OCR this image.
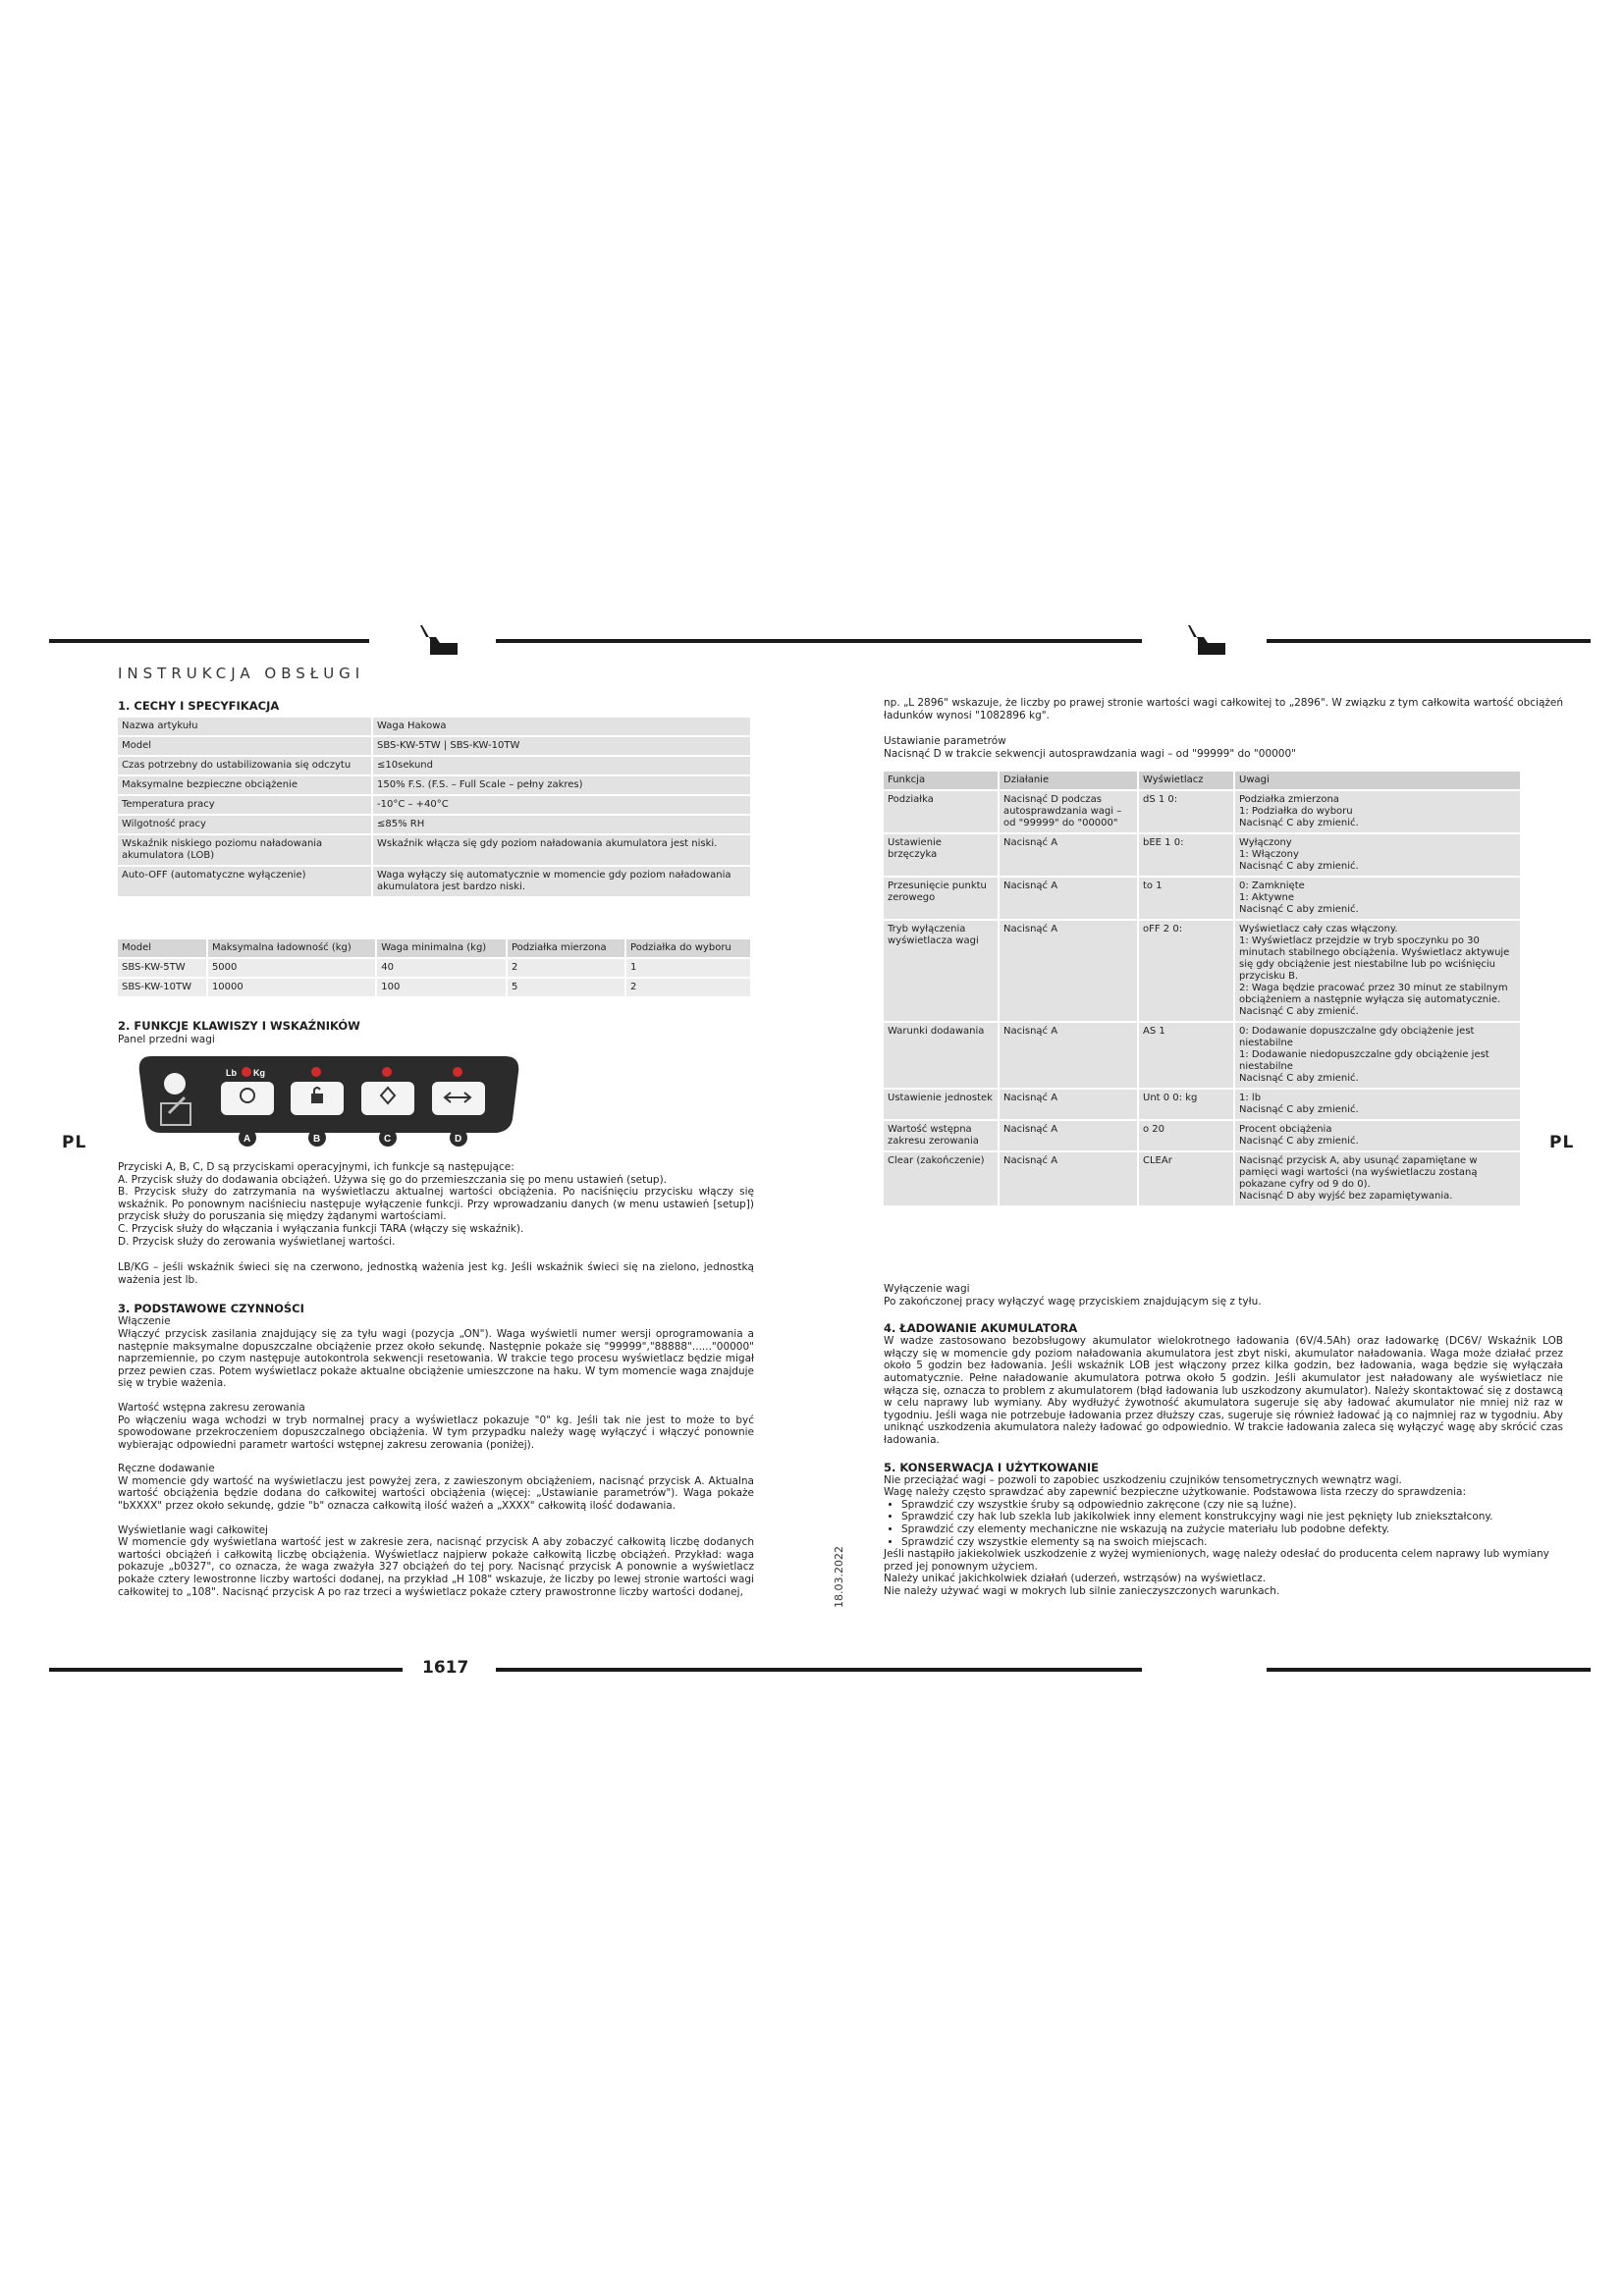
INSTRUKCJA OBSŁUGI
PL	PL
1. CECHY I SPECYFIKACJA
Nazwa artykułu	Waga Hakowa
Model	SBS-KW-5TW | SBS-KW-10TW
Czas potrzebny do ustabilizowania się odczytu	≤10sekund
Maksymalne bezpieczne obciążenie	150% F.S. (F.S. – Full Scale – pełny zakres)
Temperatura pracy	-10°C – +40°C
Wilgotność pracy	≤85% RH
Wskaźnik niskiego poziomu naładowania akumulatora (LOB)	Wskaźnik włącza się gdy poziom naładowania akumulatora jest niski.
Auto-OFF (automatyczne wyłączenie)	Waga wyłączy się automatycznie w momencie gdy poziom naładowania akumulatora jest bardzo niski.
Model	Maksymalna ładowność (kg)	Waga minimalna (kg)	Podziałka mierzona	Podziałka do wyboru
SBS-KW-5TW	5000	40	2	1
SBS-KW-10TW	10000	100	5	2
2. FUNKCJE KLAWISZY I WSKAŹNIKÓW
Panel przedni wagi
Lb Kg
A	B	C	D

Przyciski A, B, C, D są przyciskami operacyjnymi, ich funkcje są następujące:

A. Przycisk służy do dodawania obciążeń. Używa się go do przemieszczania się po menu ustawień (setup).

B. Przycisk służy do zatrzymania na wyświetlaczu aktualnej wartości obciążenia. Po naciśnięciu przycisku włączy się wskaźnik. Po ponownym naciśnieciu następuje wyłączenie funkcji. Przy wprowadzaniu danych (w menu ustawień [setup]) przycisk służy do poruszania się między żądanymi wartościami.

C. Przycisk służy do włączania i wyłączania funkcji TARA (włączy się wskaźnik).

D. Przycisk służy do zerowania wyświetlanej wartości.

LB/KG – jeśli wskaźnik świeci się na czerwono, jednostką ważenia jest kg. Jeśli wskaźnik świeci się na zielono, jednostką ważenia jest lb.

3. PODSTAWOWE CZYNNOŚCI

Włączenie

Włączyć przycisk zasilania znajdujący się za tyłu wagi (pozycja „ON"). Waga wyświetli numer wersji oprogramowania a następnie maksymalne dopuszczalne obciążenie przez około sekundę. Następnie pokaże się "99999","88888"......"00000" naprzemiennie, po czym następuje autokontrola sekwencji resetowania. W trakcie tego procesu wyświetlacz będzie migał przez pewien czas. Potem wyświetlacz pokaże aktualne obciążenie umieszczone na haku. W tym momencie waga znajduje się w trybie ważenia.

Wartość wstępna zakresu zerowania

Po włączeniu waga wchodzi w tryb normalnej pracy a wyświetlacz pokazuje "0" kg. Jeśli tak nie jest to może to być spowodowane przekroczeniem dopuszczalnego obciążenia. W tym przypadku należy wagę wyłączyć i włączyć ponownie wybierając odpowiedni parametr wartości wstępnej zakresu zerowania (poniżej).

Ręczne dodawanie

W momencie gdy wartość na wyświetlaczu jest powyżej zera, z zawieszonym obciążeniem, nacisnąć przycisk A. Aktualna wartość obciążenia będzie dodana do całkowitej wartości obciążenia (więcej: „Ustawianie parametrów"). Waga pokaże "bXXXX" przez około sekundę, gdzie "b" oznacza całkowitą ilość ważeń a „XXXX" całkowitą ilość dodawania.

Wyświetlanie wagi całkowitej

W momencie gdy wyświetlana wartość jest w zakresie zera, nacisnąć przycisk A aby zobaczyć całkowitą liczbę dodanych wartości obciążeń i całkowitą liczbę obciążenia. Wyświetlacz najpierw pokaże całkowitą liczbę obciążeń. Przykład: waga pokazuje „b0327", co oznacza, że waga zważyła 327 obciążeń do tej pory. Nacisnąć przycisk A ponownie a wyświetlacz pokaże cztery lewostronne liczby wartości dodanej, na przykład „H 108" wskazuje, że liczby po lewej stronie wartości wagi całkowitej to „108". Nacisnąć przycisk A po raz trzeci a wyświetlacz pokaże cztery prawostronne liczby wartości dodanej,	18.03.2022

np. „L 2896" wskazuje, że liczby po prawej stronie wartości wagi całkowitej to „2896". W związku z tym całkowita wartość obciążeń ładunków wynosi "1082896 kg".

Ustawianie parametrów

Nacisnąć D w trakcie sekwencji autosprawdzania wagi – od "99999" do "00000"

Funkcja	Działanie	Wyświetlacz	Uwagi
Podziałka	Nacisnąć D podczas autosprawdzania wagi – od "99999" do "00000"	dS 1 0:	Podziałka zmierzona
1: Podziałka do wyboru
Nacisnąć C aby zmienić.
Ustawienie brzęczyka	Nacisnąć A	bEE 1 0:	Wyłączony
1: Włączony
Nacisnąć C aby zmienić.
Przesunięcie punktu zerowego	Nacisnąć A	to 1	0: Zamknięte
1: Aktywne
Nacisnąć C aby zmienić.
Tryb wyłączenia wyświetlacza wagi	Nacisnąć A	oFF 2 0:	Wyświetlacz cały czas włączony.
1: Wyświetlacz przejdzie w tryb spoczynku po 30 minutach stabilnego obciążenia. Wyświetlacz aktywuje się gdy obciążenie jest niestabilne lub po wciśnięciu przycisku B.
2: Waga będzie pracować przez 30 minut ze stabilnym obciążeniem a następnie wyłącza się automatycznie.
Nacisnąć C aby zmienić.
Warunki dodawania	Nacisnąć A	AS 1	0: Dodawanie dopuszczalne gdy obciążenie jest niestabilne
1: Dodawanie niedopuszczalne gdy obciążenie jest niestabilne
Nacisnąć C aby zmienić.
Ustawienie jednostek	Nacisnąć A	Unt 0 0: kg	1: lb
Nacisnąć C aby zmienić.
Wartość wstępna zakresu zerowania	Nacisnąć A	o 20	Procent obciążenia
Nacisnąć C aby zmienić.
Clear (zakończenie)	Nacisnąć A	CLEAr	Nacisnąć przycisk A, aby usunąć zapamiętane w pamięci wagi wartości (na wyświetlaczu zostaną pokazane cyfry od 9 do 0).
Nacisnąć D aby wyjść bez zapamiętywania.

Wyłączenie wagi

Po zakończonej pracy wyłączyć wagę przyciskiem znajdującym się z tyłu.

4. ŁADOWANIE AKUMULATORA

W wadze zastosowano bezobsługowy akumulator wielokrotnego ładowania (6V/4.5Ah) oraz ładowarkę (DC6V/ Wskaźnik LOB włączy się w momencie gdy poziom naładowania akumulatora jest zbyt niski, akumulator naładowania. Waga może działać przez około 5 godzin bez ładowania. Jeśli wskaźnik LOB jest włączony przez kilka godzin, bez ładowania, waga będzie się wyłączała automatycznie. Pełne naładowanie akumulatora potrwa około 5 godzin. Jeśli akumulator jest naładowany ale wyświetlacz nie włącza się, oznacza to problem z akumulatorem (błąd ładowania lub uszkodzony akumulator). Należy skontaktować się z dostawcą w celu naprawy lub wymiany. Aby wydłużyć żywotność akumulatora sugeruje się aby ładować akumulator nie mniej niż raz w tygodniu. Jeśli waga nie potrzebuje ładowania przez dłuższy czas, sugeruje się również ładować ją co najmniej raz w tygodniu. Aby uniknąć uszkodzenia akumulatora należy ładować go odpowiednio. W trakcie ładowania zaleca się wyłączyć wagę aby skrócić czas ładowania.

5. KONSERWACJA I UŻYTKOWANIE

Nie przeciążać wagi – pozwoli to zapobiec uszkodzeniu czujników tensometrycznych wewnątrz wagi.
Wagę należy często sprawdzać aby zapewnić bezpieczne użytkowanie. Podstawowa lista rzeczy do sprawdzenia:

• Sprawdzić czy wszystkie śruby są odpowiednio zakręcone (czy nie są luźne).
• Sprawdzić czy hak lub szekla lub jakikolwiek inny element konstrukcyjny wagi nie jest pęknięty lub zniekształcony.
• Sprawdzić czy elementy mechaniczne nie wskazują na zużycie materiału lub podobne defekty.
• Sprawdzić czy wszystkie elementy są na swoich miejscach.

Jeśli nastąpiło jakiekolwiek uszkodzenie z wyżej wymienionych, wagę należy odesłać do producenta celem naprawy lub wymiany przed jej ponownym użyciem.
Należy unikać jakichkolwiek działań (uderzeń, wstrząsów) na wyświetlacz.
Nie należy używać wagi w mokrych lub silnie zanieczyszczonych warunkach.

1617
